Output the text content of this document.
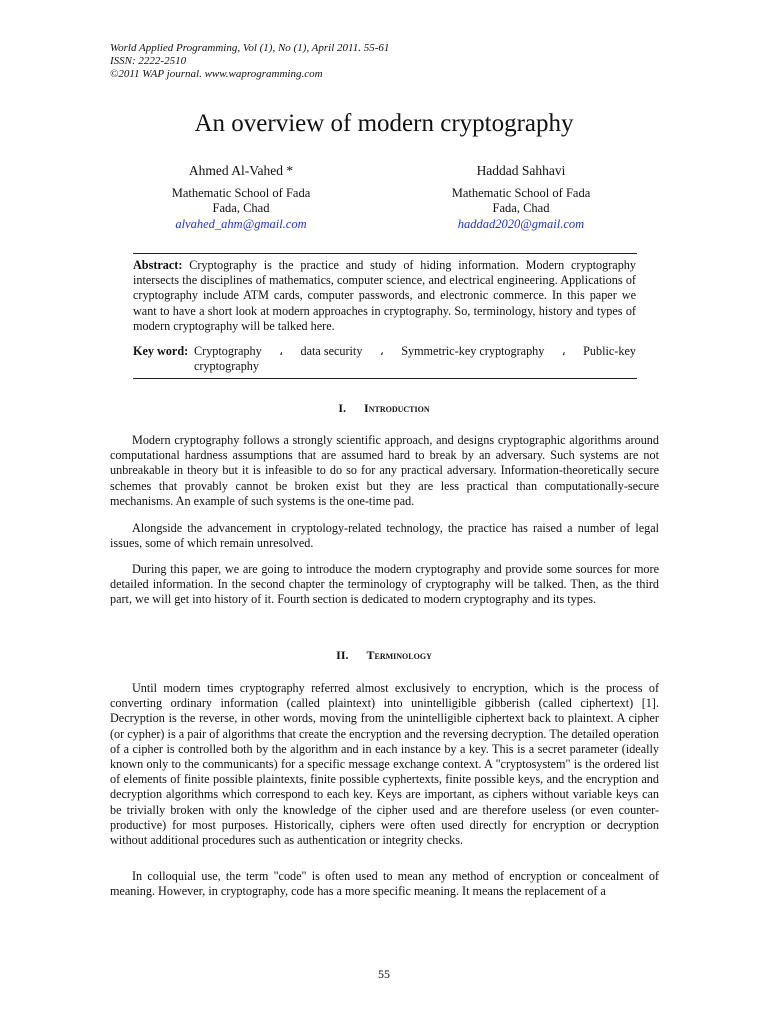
World Applied Programming, Vol (1), No (1), April 2011. 55-61
ISSN: 2222-2510
©2011 WAP journal. www.waprogramming.com
An overview of modern cryptography
Ahmed Al-Vahed *
Mathematic School of Fada
Fada, Chad
alvahed_ahm@gmail.com
Haddad Sahhavi
Mathematic School of Fada
Fada, Chad
haddad2020@gmail.com

Abstract: Cryptography is the practice and study of hiding information. Modern cryptography intersects the disciplines of mathematics, computer science, and electrical engineering. Applications of cryptography include ATM cards, computer passwords, and electronic commerce. In this paper we want to have a short look at modern approaches in cryptography. So, terminology, history and types of modern cryptography will be talked here.

Key word: Cryptography ، data security ، Symmetric-key cryptography ، Public-key
cryptography
I. Introduction

Modern cryptography follows a strongly scientific approach, and designs cryptographic algorithms around computational hardness assumptions that are assumed hard to break by an adversary. Such systems are not unbreakable in theory but it is infeasible to do so for any practical adversary. Information-theoretically secure schemes that provably cannot be broken exist but they are less practical than computationally-secure mechanisms. An example of such systems is the one-time pad.

Alongside the advancement in cryptology-related technology, the practice has raised a number of legal issues, some of which remain unresolved.

During this paper, we are going to introduce the modern cryptography and provide some sources for more detailed information. In the second chapter the terminology of cryptography will be talked. Then, as the third part, we will get into history of it. Fourth section is dedicated to modern cryptography and its types.

II. Terminology

Until modern times cryptography referred almost exclusively to encryption, which is the process of converting ordinary information (called plaintext) into unintelligible gibberish (called ciphertext) [1]. Decryption is the reverse, in other words, moving from the unintelligible ciphertext back to plaintext. A cipher (or cypher) is a pair of algorithms that create the encryption and the reversing decryption. The detailed operation of a cipher is controlled both by the algorithm and in each instance by a key. This is a secret parameter (ideally known only to the communicants) for a specific message exchange context. A "cryptosystem" is the ordered list of elements of finite possible plaintexts, finite possible cyphertexts, finite possible keys, and the encryption and decryption algorithms which correspond to each key. Keys are important, as ciphers without variable keys can be trivially broken with only the knowledge of the cipher used and are therefore useless (or even counter-productive) for most purposes. Historically, ciphers were often used directly for encryption or decryption without additional procedures such as authentication or integrity checks.

In colloquial use, the term "code" is often used to mean any method of encryption or concealment of meaning. However, in cryptography, code has a more specific meaning. It means the replacement of a

55
